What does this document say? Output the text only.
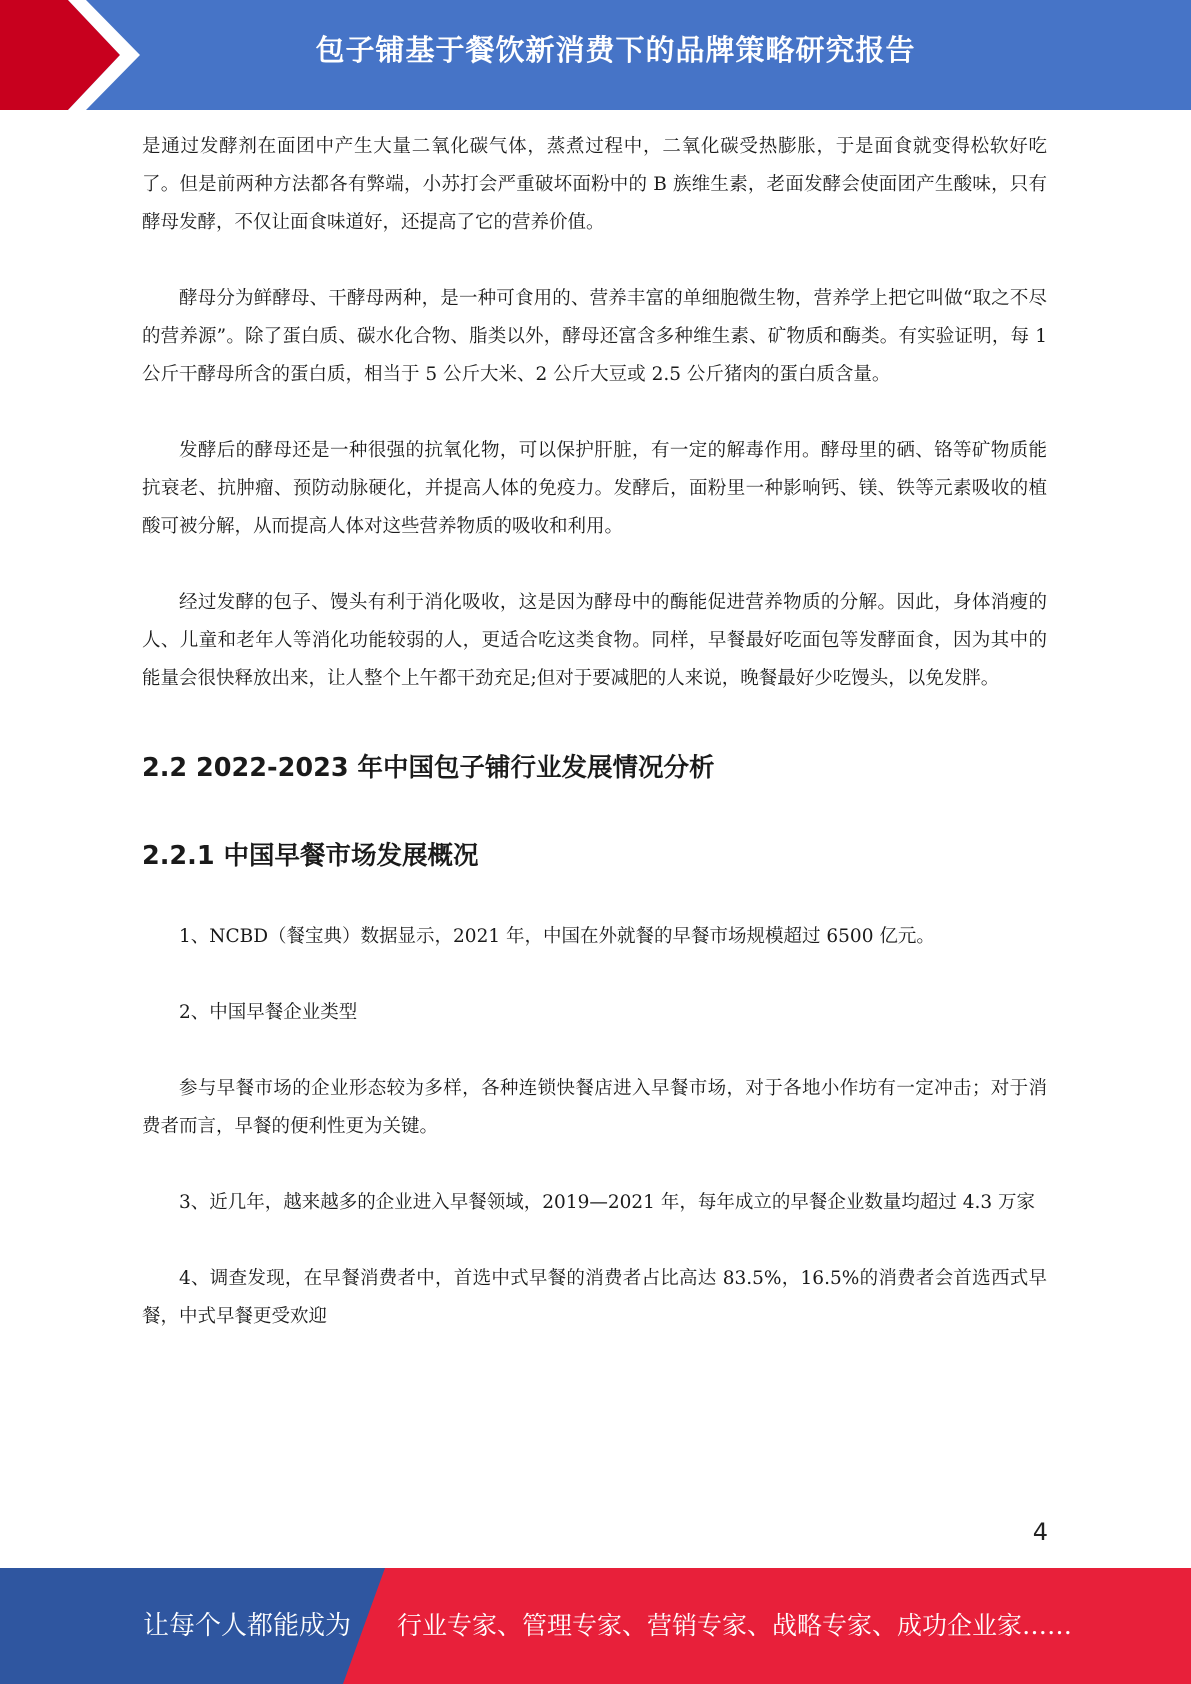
包子铺基于餐饮新消费下的品牌策略研究报告

是通过发酵剂在面团中产生大量二氧化碳气体，蒸煮过程中，二氧化碳受热膨胀，于是面食就变得松软好吃了。但是前两种方法都各有弊端，小苏打会严重破坏面粉中的 B 族维生素，老面发酵会使面团产生酸味，只有酵母发酵，不仅让面食味道好，还提高了它的营养价值。

酵母分为鲜酵母、干酵母两种，是一种可食用的、营养丰富的单细胞微生物，营养学上把它叫做“取之不尽的营养源”。除了蛋白质、碳水化合物、脂类以外，酵母还富含多种维生素、矿物质和酶类。有实验证明，每 1 公斤干酵母所含的蛋白质，相当于 5 公斤大米、2 公斤大豆或 2.5 公斤猪肉的蛋白质含量。

发酵后的酵母还是一种很强的抗氧化物，可以保护肝脏，有一定的解毒作用。酵母里的硒、铬等矿物质能抗衰老、抗肿瘤、预防动脉硬化，并提高人体的免疫力。发酵后，面粉里一种影响钙、镁、铁等元素吸收的植酸可被分解，从而提高人体对这些营养物质的吸收和利用。

经过发酵的包子、馒头有利于消化吸收，这是因为酵母中的酶能促进营养物质的分解。因此，身体消瘦的人、儿童和老年人等消化功能较弱的人，更适合吃这类食物。同样，早餐最好吃面包等发酵面食，因为其中的能量会很快释放出来，让人整个上午都干劲充足;但对于要减肥的人来说，晚餐最好少吃馒头，以免发胖。

2.2 2022-2023 年中国包子铺行业发展情况分析
2.2.1 中国早餐市场发展概况

1、NCBD（餐宝典）数据显示，2021 年，中国在外就餐的早餐市场规模超过 6500 亿元。

2、中国早餐企业类型

参与早餐市场的企业形态较为多样，各种连锁快餐店进入早餐市场，对于各地小作坊有一定冲击；对于消费者而言，早餐的便利性更为关键。

3、近几年，越来越多的企业进入早餐领域，2019—2021 年，每年成立的早餐企业数量均超过 4.3 万家

4、调查发现，在早餐消费者中，首选中式早餐的消费者占比高达 83.5%，16.5%的消费者会首选西式早餐，中式早餐更受欢迎

4
让每个人都能成为 行业专家、管理专家、营销专家、战略专家、成功企业家……
